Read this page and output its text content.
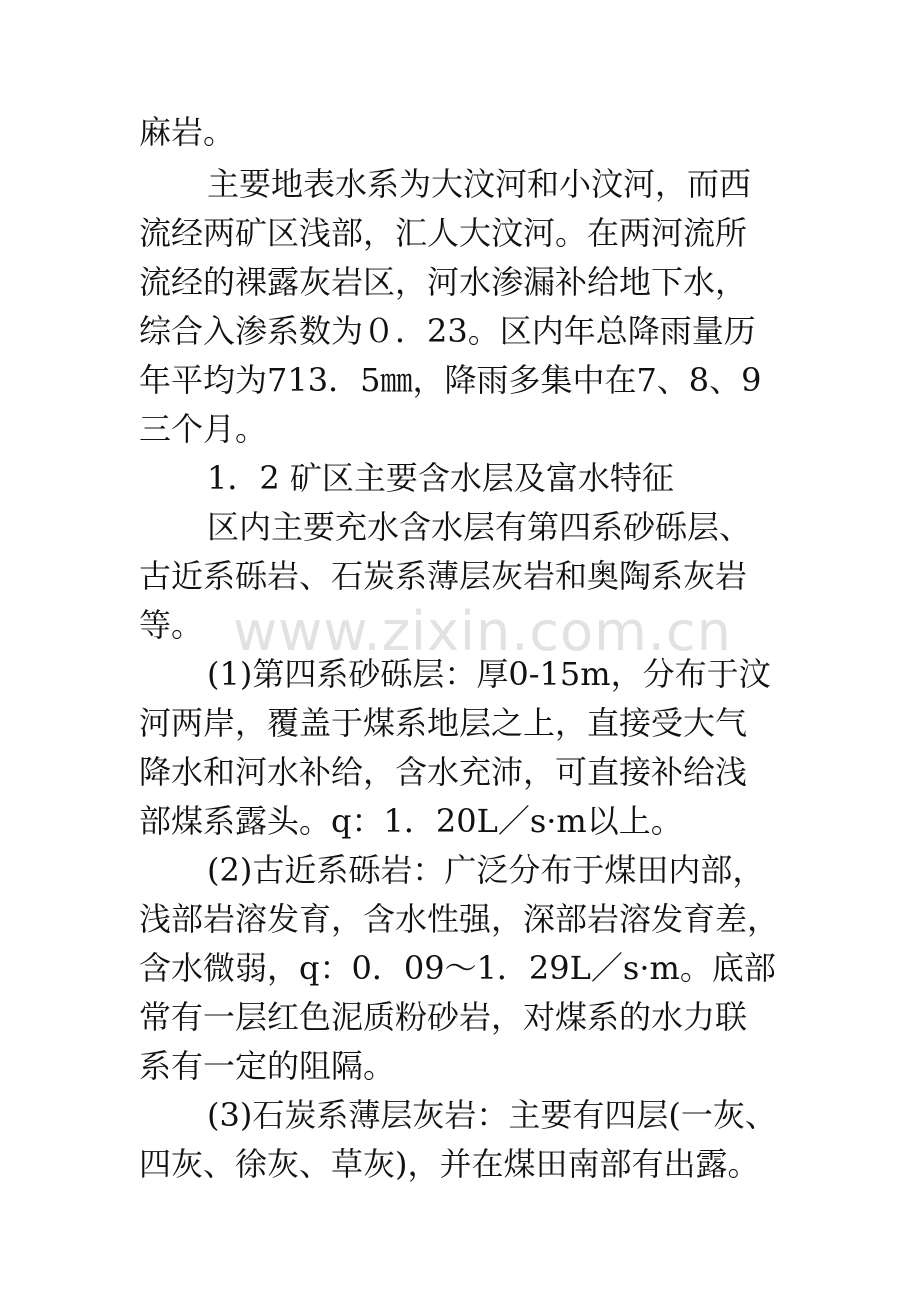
麻岩。
主要地表水系为大汶河和小汶河，而西
流经两矿区浅部，汇人大汶河。在两河流所
流经的裸露灰岩区，河水渗漏补给地下水，
综合入渗系数为０．23。区内年总降雨量历
年平均为713．5㎜，降雨多集中在7、8、9
三个月。
1．2 矿区主要含水层及富水特征
区内主要充水含水层有第四系砂砾层、
古近系砾岩、石炭系薄层灰岩和奥陶系灰岩
等。 www.zixin.com.cn
(1)第四系砂砾层：厚0-15m，分布于汶
河两岸，覆盖于煤系地层之上，直接受大气
降水和河水补给，含水充沛，可直接补给浅
部煤系露头。q：1．20L／s·m以上。
(2)古近系砾岩：广泛分布于煤田内部，
浅部岩溶发育，含水性强，深部岩溶发育差，
含水微弱，q：0．09～1．29L／s·m。底部
常有一层红色泥质粉砂岩，对煤系的水力联
系有一定的阻隔。
(3)石炭系薄层灰岩：主要有四层(一灰、
四灰、徐灰、草灰)，并在煤田南部有出露。
